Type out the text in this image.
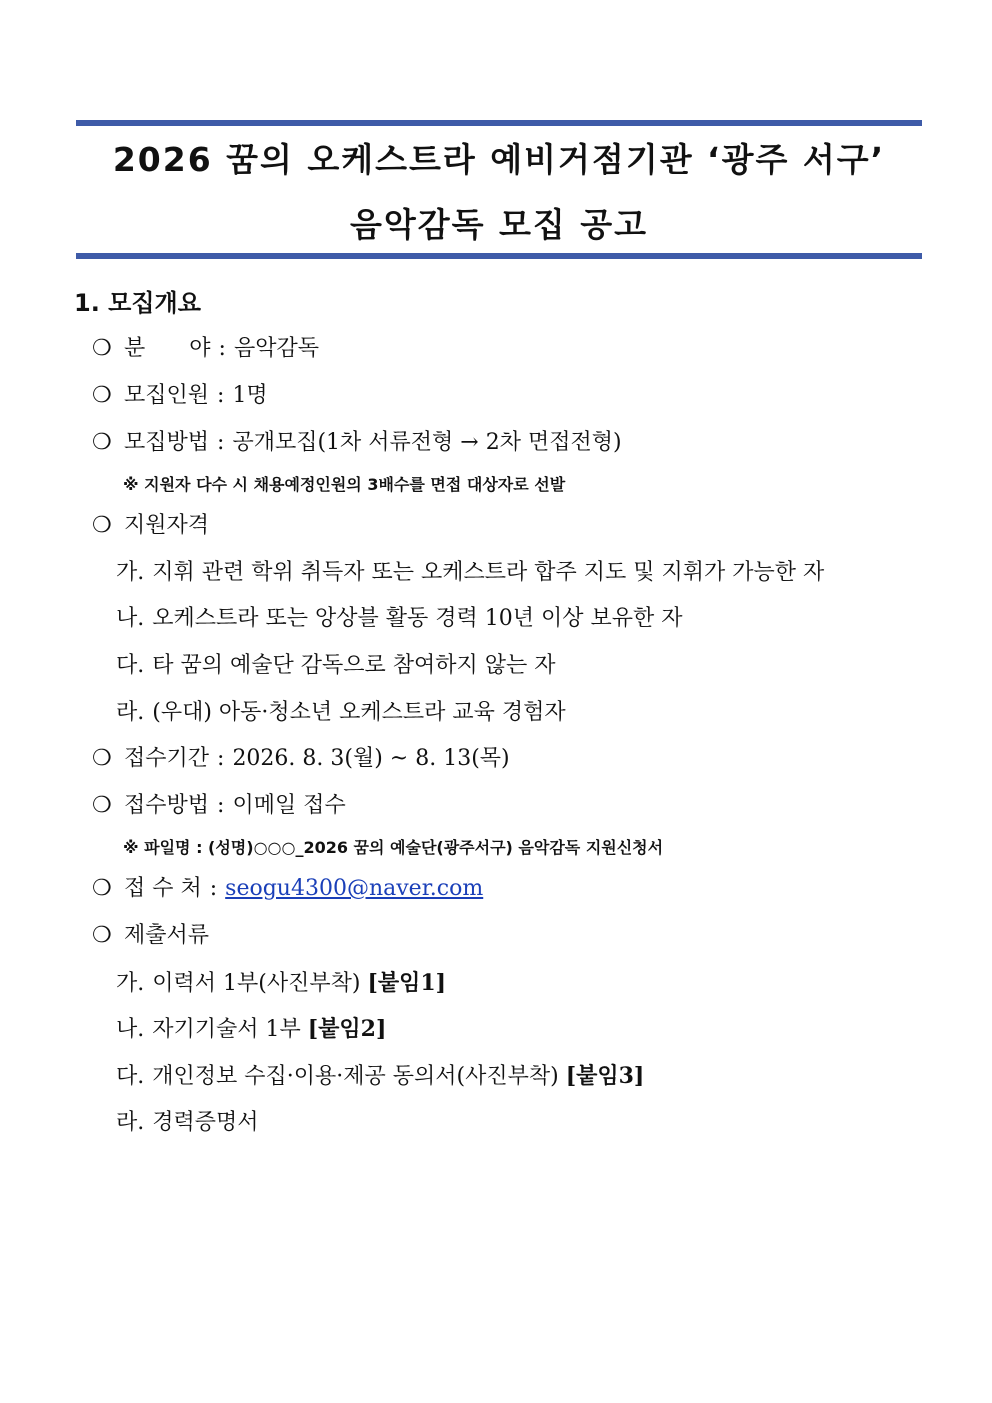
2026 꿈의 오케스트라 예비거점기관 ‘광주 서구’
음악감독 모집 공고
1. 모집개요
❍ 분 야 : 음악감독
❍ 모집인원 : 1명
❍ 모집방법 : 공개모집(1차 서류전형 → 2차 면접전형)
※ 지원자 다수 시 채용예정인원의 3배수를 면접 대상자로 선발
❍ 지원자격
가. 지휘 관련 학위 취득자 또는 오케스트라 합주 지도 및 지휘가 가능한 자
나. 오케스트라 또는 앙상블 활동 경력 10년 이상 보유한 자
다. 타 꿈의 예술단 감독으로 참여하지 않는 자
라. (우대) 아동·청소년 오케스트라 교육 경험자
❍ 접수기간 : 2026. 8. 3(월) ~ 8. 13(목)
❍ 접수방법 : 이메일 접수
※ 파일명 : (성명)○○○_2026 꿈의 예술단(광주서구) 음악감독 지원신청서
❍ 접 수 처 : seogu4300@naver.com
❍ 제출서류
가. 이력서 1부(사진부착) [붙임1]
나. 자기기술서 1부 [붙임2]
다. 개인정보 수집·이용·제공 동의서(사진부착) [붙임3]
라. 경력증명서
